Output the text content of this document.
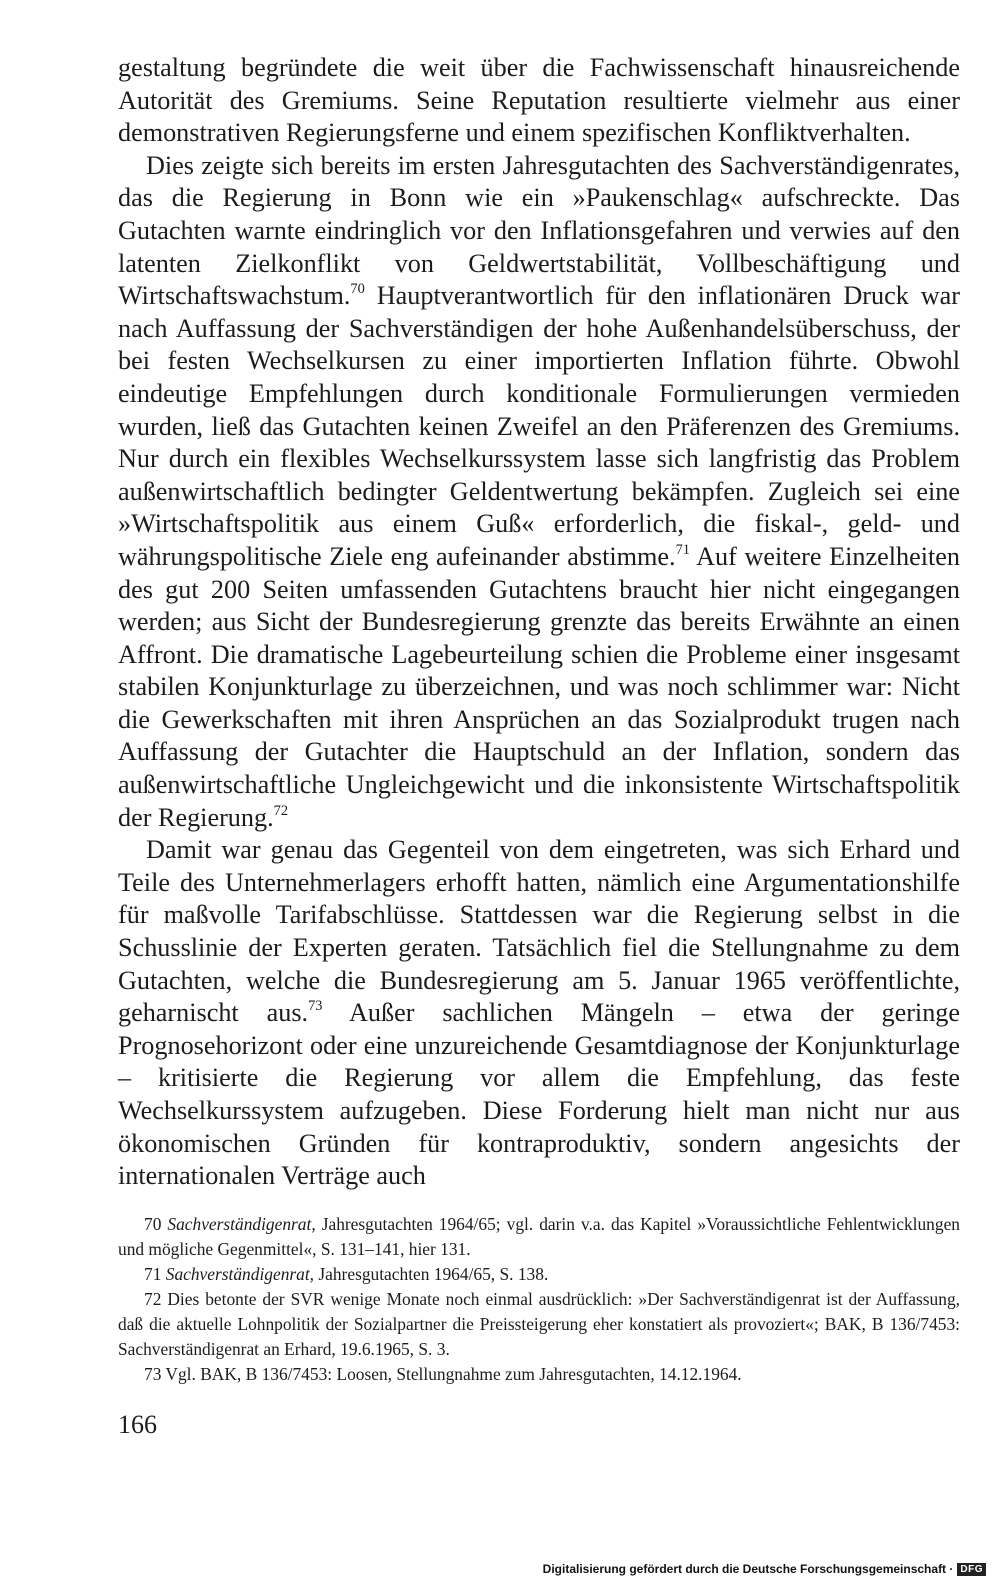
gestaltung begründete die weit über die Fachwissenschaft hinausreichende Autorität des Gremiums. Seine Reputation resultierte vielmehr aus einer demonstrativen Regierungsferne und einem spezifischen Konfliktverhalten.

Dies zeigte sich bereits im ersten Jahresgutachten des Sachverständigenrates, das die Regierung in Bonn wie ein »Paukenschlag« aufschreckte. Das Gutachten warnte eindringlich vor den Inflationsgefahren und verwies auf den latenten Zielkonflikt von Geldwertstabilität, Vollbeschäftigung und Wirtschaftswachstum.$^{70}$ Hauptverantwortlich für den inflationären Druck war nach Auffassung der Sachverständigen der hohe Außenhandelsüberschuss, der bei festen Wechselkursen zu einer importierten Inflation führte. Obwohl eindeutige Empfehlungen durch konditionale Formulierungen vermieden wurden, ließ das Gutachten keinen Zweifel an den Präferenzen des Gremiums. Nur durch ein flexibles Wechselkurssystem lasse sich langfristig das Problem außenwirtschaftlich bedingter Geldentwertung bekämpfen. Zugleich sei eine »Wirtschaftspolitik aus einem Guß« erforderlich, die fiskal-, geld- und währungspolitische Ziele eng aufeinander abstimme.$^{71}$ Auf weitere Einzelheiten des gut 200 Seiten umfassenden Gutachtens braucht hier nicht eingegangen werden; aus Sicht der Bundesregierung grenzte das bereits Erwähnte an einen Affront. Die dramatische Lagebeurteilung schien die Probleme einer insgesamt stabilen Konjunkturlage zu überzeichnen, und was noch schlimmer war: Nicht die Gewerkschaften mit ihren Ansprüchen an das Sozialprodukt trugen nach Auffassung der Gutachter die Hauptschuld an der Inflation, sondern das außenwirtschaftliche Ungleichgewicht und die inkonsistente Wirtschaftspolitik der Regierung.$^{72}$

Damit war genau das Gegenteil von dem eingetreten, was sich Erhard und Teile des Unternehmerlagers erhofft hatten, nämlich eine Argumentationshilfe für maßvolle Tarifabschlüsse. Stattdessen war die Regierung selbst in die Schusslinie der Experten geraten. Tatsächlich fiel die Stellungnahme zu dem Gutachten, welche die Bundesregierung am 5. Januar 1965 veröffentlichte, geharnischt aus.$^{73}$ Außer sachlichen Mängeln – etwa der geringe Prognosehorizont oder eine unzureichende Gesamtdiagnose der Konjunkturlage – kritisierte die Regierung vor allem die Empfehlung, das feste Wechselkurssystem aufzugeben. Diese Forderung hielt man nicht nur aus ökonomischen Gründen für kontraproduktiv, sondern angesichts der internationalen Verträge auch

70 Sachverständigenrat, Jahresgutachten 1964/65; vgl. darin v.a. das Kapitel »Voraussichtliche Fehlentwicklungen und mögliche Gegenmittel«, S. 131–141, hier 131.

71 Sachverständigenrat, Jahresgutachten 1964/65, S. 138.

72 Dies betonte der SVR wenige Monate noch einmal ausdrücklich: »Der Sachverständigenrat ist der Auffassung, daß die aktuelle Lohnpolitik der Sozialpartner die Preissteigerung eher konstatiert als provoziert«; BAK, B 136/7453: Sachverständigenrat an Erhard, 19.6.1965, S. 3.

73 Vgl. BAK, B 136/7453: Loosen, Stellungnahme zum Jahresgutachten, 14.12.1964.

166
Digitalisierung gefördert durch die Deutsche Forschungsgemeinschaft · DFG
